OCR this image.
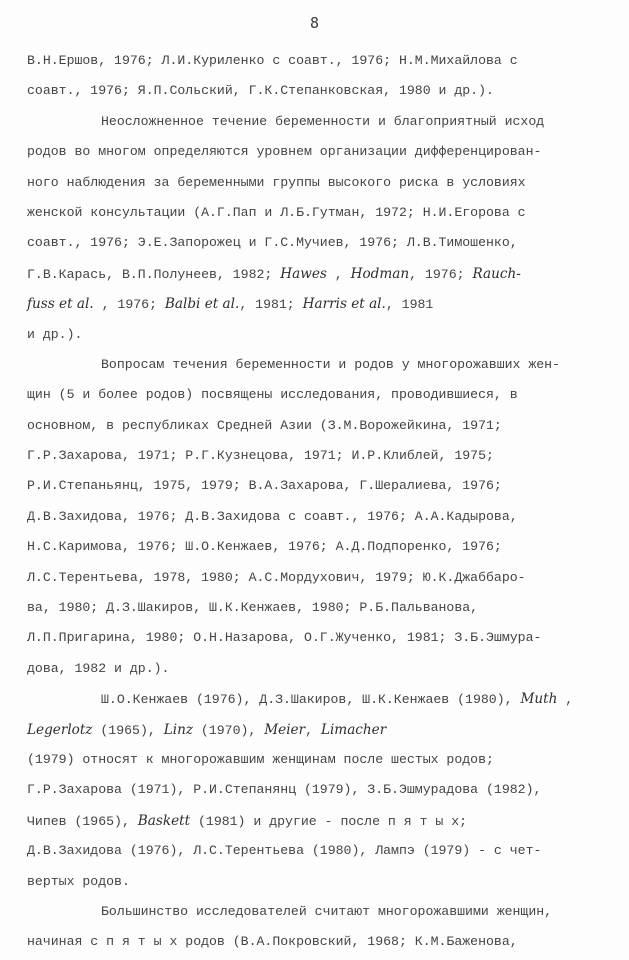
8
В.Н.Ершов, 1976; Л.И.Куриленко с соавт., 1976; Н.М.Михайлова с
соавт., 1976; Я.П.Сольский, Г.К.Степанковская, 1980 и др.).
Неосложненное течение беременности и благоприятный исход
родов во многом определяются уровнем организации дифференцирован-
ного наблюдения за беременными группы высокого риска в условиях
женской консультации (А.Г.Пап и Л.Б.Гутман, 1972; Н.И.Егорова с
соавт., 1976; Э.Е.Запорожец и Г.С.Мучиев, 1976; Л.В.Тимошенко,
Г.В.Карась, В.П.Полунеев, 1982; Hawes , Hodman, 1976; Rauch-
fuss et al. , 1976; Balbi et al., 1981; Harris et al., 1981
и др.).
Вопросам течения беременности и родов у многорожавших жен-
щин (5 и более родов) посвящены исследования, проводившиеся, в
основном, в республиках Средней Азии (З.М.Ворожейкина, 1971;
Г.Р.Захарова, 1971; Р.Г.Кузнецова, 1971; И.Р.Клиблей, 1975;
Р.И.Степаньянц, 1975, 1979; В.А.Захарова, Г.Шералиева, 1976;
Д.В.Захидова, 1976; Д.В.Захидова с соавт., 1976; А.А.Кадырова,
Н.С.Каримова, 1976; Ш.О.Кенжаев, 1976; А.Д.Подпоренко, 1976;
Л.С.Терентьева, 1978, 1980; А.С.Мордухович, 1979; Ю.К.Джаббаро-
ва, 1980; Д.З.Шакиров, Ш.К.Кенжаев, 1980; Р.Б.Пальванова,
Л.П.Пригарина, 1980; О.Н.Назарова, О.Г.Жученко, 1981; З.Б.Эшмура-
дова, 1982 и др.).
Ш.О.Кенжаев (1976), Д.З.Шакиров, Ш.К.Кенжаев (1980), Muth ,
Legerlotz (1965), Linz (1970), Meier, Limacher
(1979) относят к многорожавшим женщинам после шестых родов;
Г.Р.Захарова (1971), Р.И.Степанянц (1979), З.Б.Эшмурадова (1982),
Чипев (1965), Baskett (1981) и другие - после п я т ы х;
Д.В.Захидова (1976), Л.С.Терентьева (1980), Лампэ (1979) - с чет-
вертых родов.
Большинство исследователей считают многорожавшими женщин,
начиная с п я т ы х родов (В.А.Покровский, 1968; К.М.Баженова,
